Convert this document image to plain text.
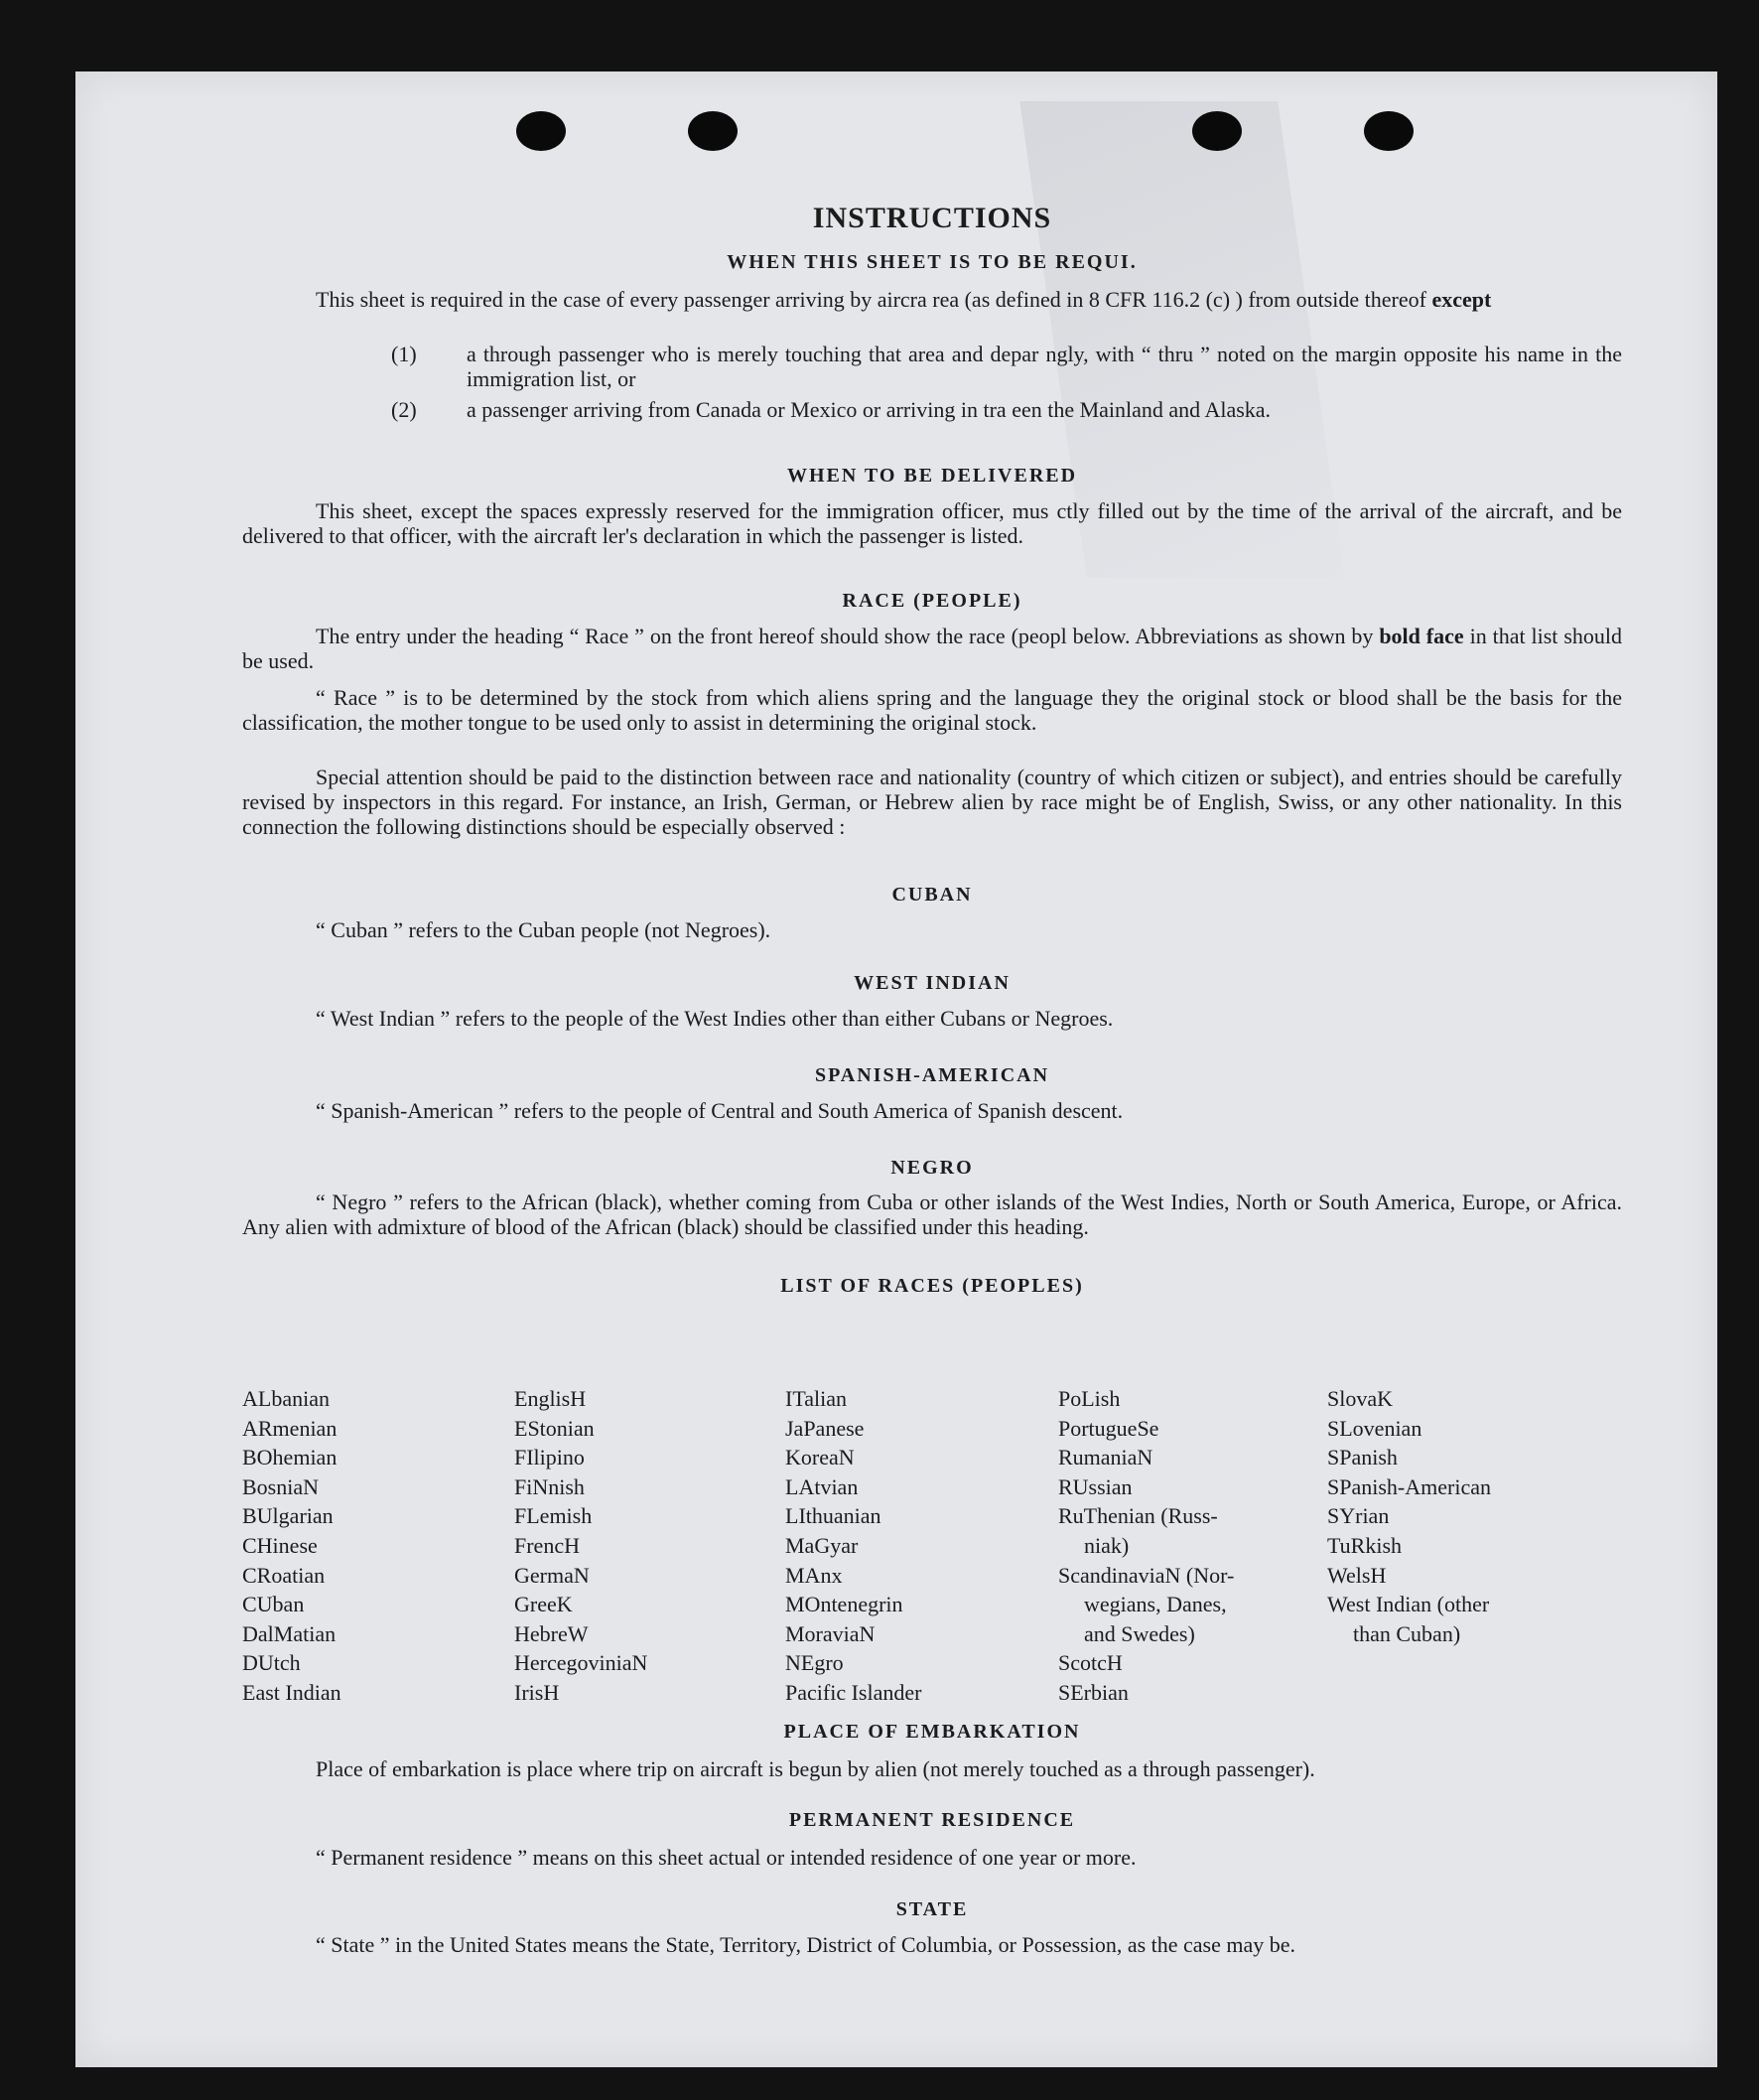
INSTRUCTIONS
WHEN THIS SHEET IS TO BE REQUI.
This sheet is required in the case of every passenger arriving by aircra rea (as defined in 8 CFR 116.2 (c) ) from outside thereof except
(1) a through passenger who is merely touching that area and depar ngly, with “ thru ” noted on the margin opposite his name in the immigration list, or
(2) a passenger arriving from Canada or Mexico or arriving in tra een the Mainland and Alaska.
WHEN TO BE DELIVERED
This sheet, except the spaces expressly reserved for the immigration officer, mus ctly filled out by the time of the arrival of the aircraft, and be delivered to that officer, with the aircraft ler's declaration in which the passenger is listed.
RACE (PEOPLE)
The entry under the heading “ Race ” on the front hereof should show the race (peopl below. Abbreviations as shown by bold face in that list should be used.
“ Race ” is to be determined by the stock from which aliens spring and the language they the original stock or blood shall be the basis for the classification, the mother tongue to be used only to assist in determining the original stock.
Special attention should be paid to the distinction between race and nationality (country of which citizen or subject), and entries should be carefully revised by inspectors in this regard. For instance, an Irish, German, or Hebrew alien by race might be of English, Swiss, or any other nationality. In this connection the following distinctions should be especially observed :
CUBAN
“ Cuban ” refers to the Cuban people (not Negroes).
WEST INDIAN
“ West Indian ” refers to the people of the West Indies other than either Cubans or Negroes.
SPANISH-AMERICAN
“ Spanish-American ” refers to the people of Central and South America of Spanish descent.
NEGRO
“ Negro ” refers to the African (black), whether coming from Cuba or other islands of the West Indies, North or South America, Europe, or Africa. Any alien with admixture of blood of the African (black) should be classified under this heading.
LIST OF RACES (PEOPLES)
ALbanian
ARmenian
BOhemian
BosniaN
BUlgarian
CHinese
CRoatian
CUban
DalMatian
DUtch
East Indian
EnglisH
EStonian
FIlipino
FiNnish
FLemish
FrencH
GermaN
GreeK
HebreW
HercegoviniaN
IrisH
ITalian
JaPanese
KoreaN
LAtvian
LIthuanian
MaGyar
MAnx
MOntenegrin
MoraviaN
NEgro
Pacific Islander
PoLish
PortugueSe
RumaniaN
RUssian
RuThenian (Russ-
niak)
ScandinaviaN (Nor-
wegians, Danes,
and Swedes)
ScotcH
SErbian
SlovaK
SLovenian
SPanish
SPanish-American
SYrian
TuRkish
WelsH
West Indian (other
than Cuban)
PLACE OF EMBARKATION
Place of embarkation is place where trip on aircraft is begun by alien (not merely touched as a through passenger).
PERMANENT RESIDENCE
“ Permanent residence ” means on this sheet actual or intended residence of one year or more.
STATE
“ State ” in the United States means the State, Territory, District of Columbia, or Possession, as the case may be.
